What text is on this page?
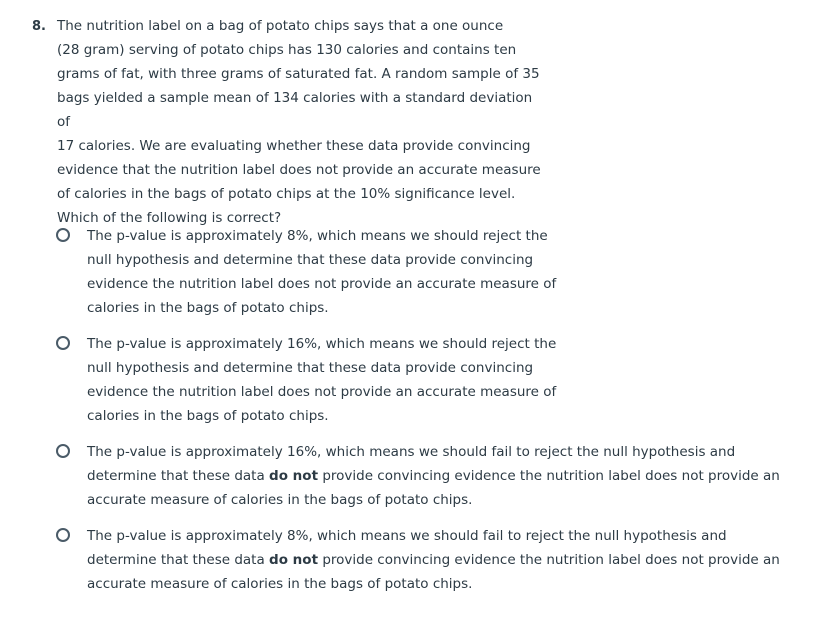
8. The nutrition label on a bag of potato chips says that a one ounce
(28 gram) serving of potato chips has 130 calories and contains ten
grams of fat, with three grams of saturated fat. A random sample of 35
bags yielded a sample mean of 134 calories with a standard deviation of
17 calories. We are evaluating whether these data provide convincing
evidence that the nutrition label does not provide an accurate measure
of calories in the bags of potato chips at the 10% significance level.
Which of the following is correct?
The p-value is approximately 8%, which means we should reject the null hypothesis and determine that these data provide convincing evidence the nutrition label does not provide an accurate measure of calories in the bags of potato chips.
The p-value is approximately 16%, which means we should reject the null hypothesis and determine that these data provide convincing evidence the nutrition label does not provide an accurate measure of calories in the bags of potato chips.
The p-value is approximately 16%, which means we should fail to reject the null hypothesis and determine that these data do not provide convincing evidence the nutrition label does not provide an accurate measure of calories in the bags of potato chips.
The p-value is approximately 8%, which means we should fail to reject the null hypothesis and determine that these data do not provide convincing evidence the nutrition label does not provide an accurate measure of calories in the bags of potato chips.
